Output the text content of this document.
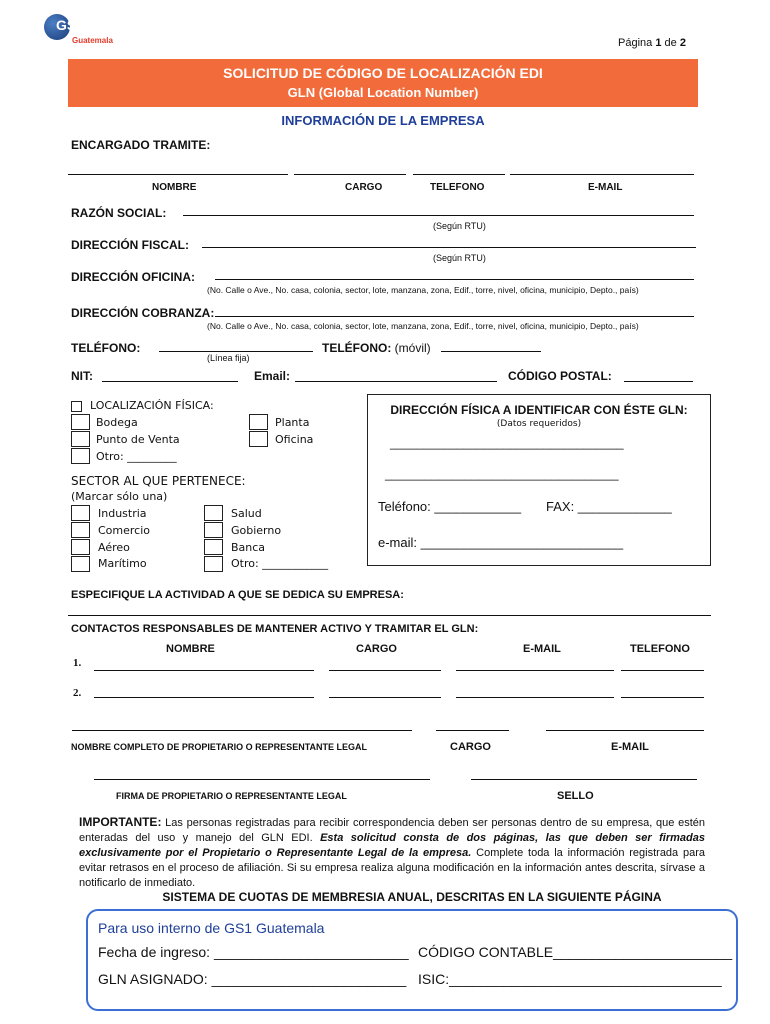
GS1
Guatemala	Página 1 de 2
SOLICITUD DE CÓDIGO DE LOCALIZACIÓN EDI
GLN (Global Location Number)
INFORMACIÓN DE LA EMPRESA
ENCARGADO TRAMITE:
NOMBRE	CARGO	TELEFONO	E-MAIL
RAZÓN SOCIAL:
(Según RTU)
DIRECCIÓN FISCAL:
(Según RTU)
DIRECCIÓN OFICINA:
(No. Calle o Ave., No. casa, colonia, sector, lote, manzana, zona, Edif., torre, nivel, oficina, municipio, Depto., país)
DIRECCIÓN COBRANZA:
(No. Calle o Ave., No. casa, colonia, sector, lote, manzana, zona, Edif., torre, nivel, oficina, municipio, Depto., país)
TELÉFONO:
(Línea fija)
TELÉFONO: (móvil)
NIT:	Email:	CÓDIGO POSTAL:
LOCALIZACIÓN FÍSICA:
Bodega
Punto de Venta
Otro: _________
Planta
Oficina
SECTOR AL QUE PERTENECE:
(Marcar sólo una)
Industria
Comercio
Aéreo
Marítimo
Salud
Gobierno
Banca
Otro: ____________
DIRECCIÓN FÍSICA A IDENTIFICAR CON ÉSTE GLN:
(Datos requeridos)
___________________________________
___________________________________
Teléfono: ____________ FAX: _____________
e-mail: ____________________________
ESPECIFIQUE LA ACTIVIDAD A QUE SE DEDICA SU EMPRESA:
CONTACTOS RESPONSABLES DE MANTENER ACTIVO Y TRAMITAR EL GLN:
NOMBRE	CARGO	E-MAIL	TELEFONO
1.
2.
NOMBRE COMPLETO DE PROPIETARIO O REPRESENTANTE LEGAL	CARGO	E-MAIL
FIRMA DE PROPIETARIO O REPRESENTANTE LEGAL	SELLO
IMPORTANTE: Las personas registradas para recibir correspondencia deben ser personas dentro de su empresa, que estén enteradas del uso y manejo del GLN EDI. Esta solicitud consta de dos páginas, las que deben ser firmadas exclusivamente por el Propietario o Representante Legal de la empresa. Complete toda la información registrada para evitar retrasos en el proceso de afiliación. Si su empresa realiza alguna modificación en la información antes descrita, sírvase a notificarlo de inmediato.
SISTEMA DE CUOTAS DE MEMBRESIA ANUAL, DESCRITAS EN LA SIGUIENTE PÁGINA
Para uso interno de GS1 Guatemala
Fecha de ingreso: _________________________ CÓDIGO CONTABLE_______________________
GLN ASIGNADO: _________________________ ISIC:___________________________________
